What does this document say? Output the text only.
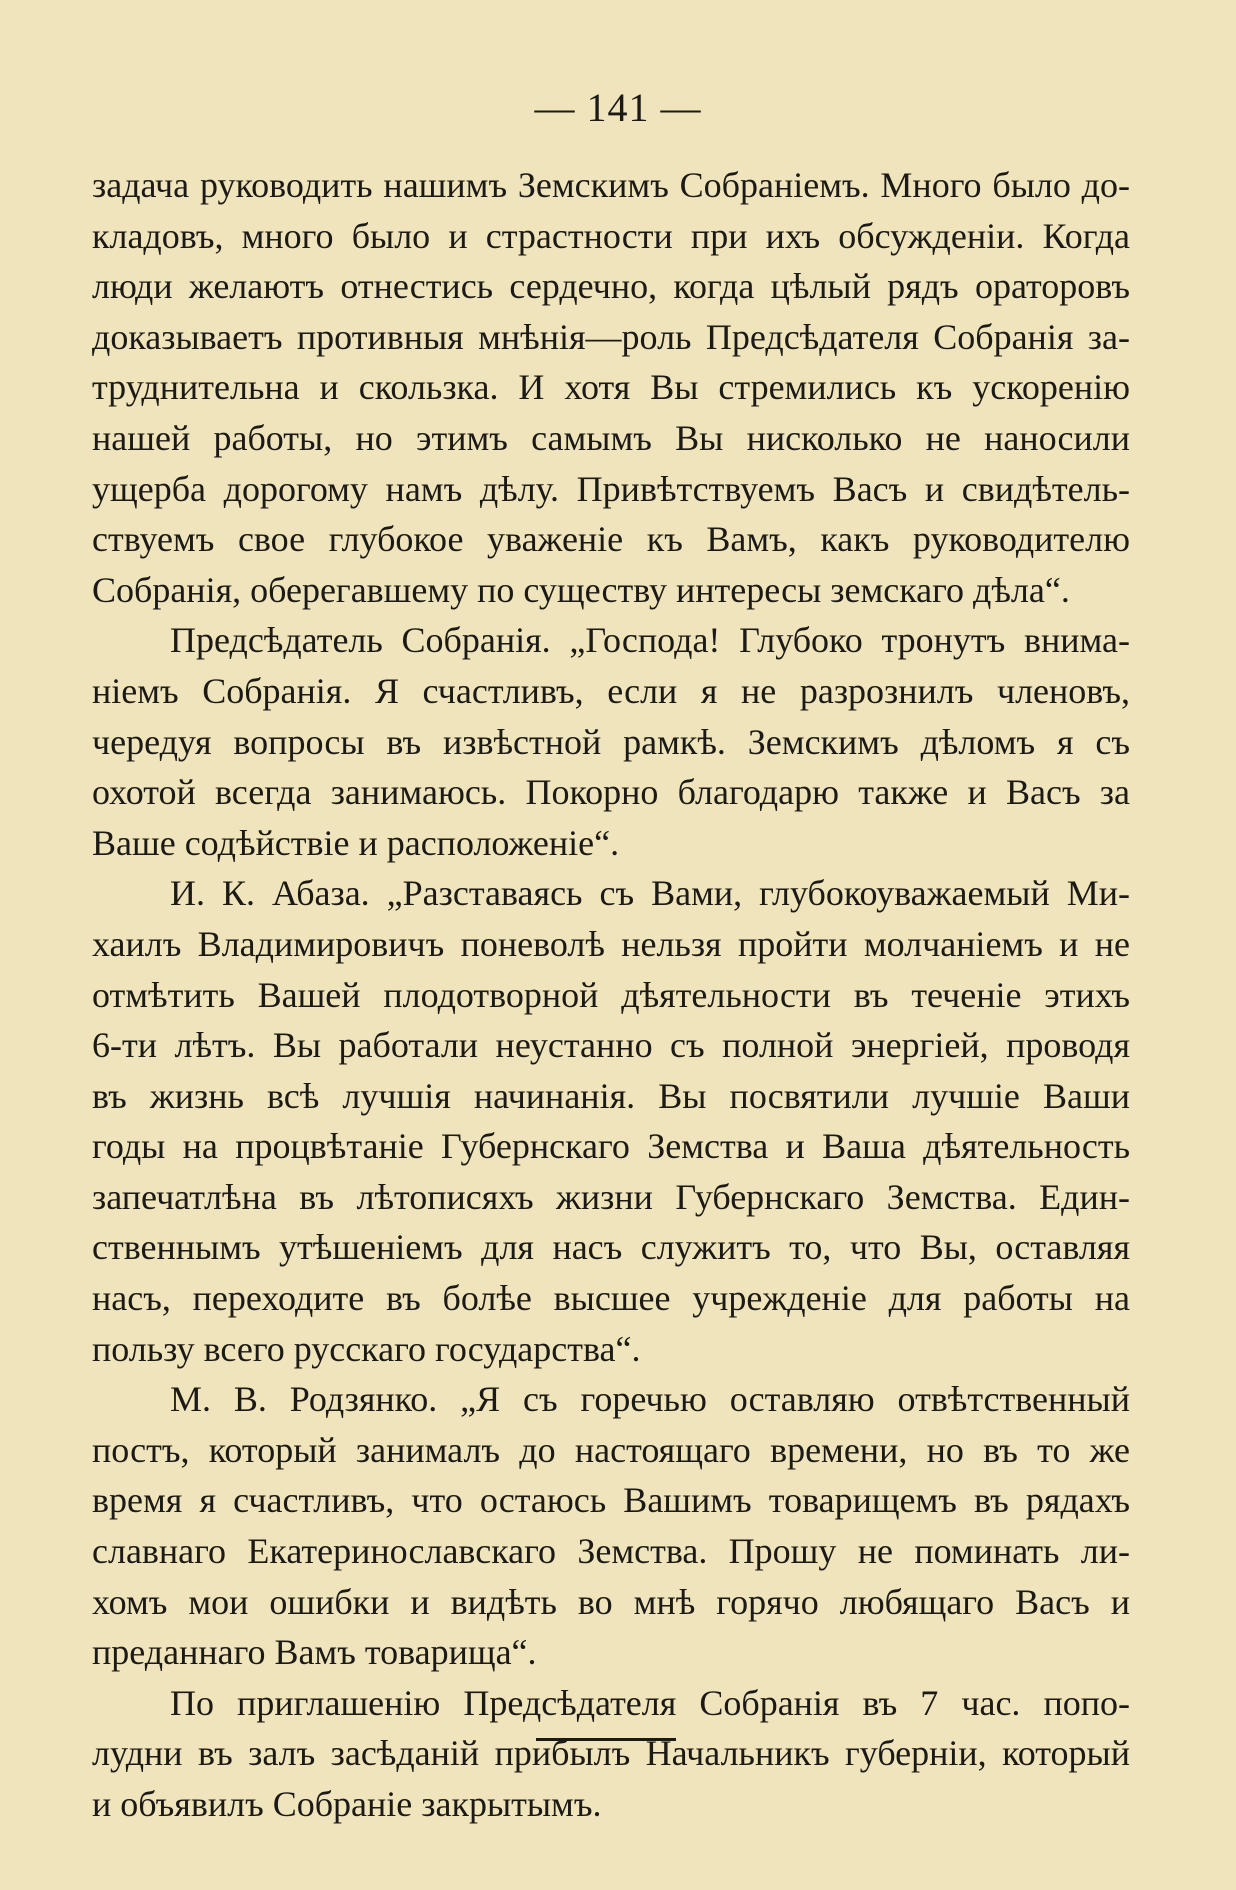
— 141 —
задача руководить нашимъ Земскимъ Собраніемъ. Много было до-
кладовъ, много было и страстности при ихъ обсужденіи. Когда
люди желаютъ отнестись сердечно, когда цѣлый рядъ ораторовъ
доказываетъ противныя мнѣнія—роль Предсѣдателя Собранія за-
труднительна и скользка. И хотя Вы стремились къ ускоренію
нашей работы, но этимъ самымъ Вы нисколько не наносили
ущерба дорогому намъ дѣлу. Привѣтствуемъ Васъ и свидѣтель-
ствуемъ свое глубокое уваженіе къ Вамъ, какъ руководителю
Собранія, оберегавшему по существу интересы земскаго дѣла“.
Предсѣдатель Собранія. „Господа! Глубоко тронутъ внима-
ніемъ Собранія. Я счастливъ, если я не разрознилъ членовъ,
чередуя вопросы въ извѣстной рамкѣ. Земскимъ дѣломъ я съ
охотой всегда занимаюсь. Покорно благодарю также и Васъ за
Ваше содѣйствіе и расположеніе“.
И. К. Абаза. „Разставаясь съ Вами, глубокоуважаемый Ми-
хаилъ Владимировичъ поневолѣ нельзя пройти молчаніемъ и не
отмѣтить Вашей плодотворной дѣятельности въ теченіе этихъ
6-ти лѣтъ. Вы работали неустанно съ полной энергіей, проводя
въ жизнь всѣ лучшія начинанія. Вы посвятили лучшіе Ваши
годы на процвѣтаніе Губернскаго Земства и Ваша дѣятельность
запечатлѣна въ лѣтописяхъ жизни Губернскаго Земства. Един-
ственнымъ утѣшеніемъ для насъ служитъ то, что Вы, оставляя
насъ, переходите въ болѣе высшее учрежденіе для работы на
пользу всего русскаго государства“.
М. В. Родзянко. „Я съ горечью оставляю отвѣтственный
постъ, который занималъ до настоящаго времени, но въ то же
время я счастливъ, что остаюсь Вашимъ товарищемъ въ рядахъ
славнаго Екатеринославскаго Земства. Прошу не поминать ли-
хомъ мои ошибки и видѣть во мнѣ горячо любящаго Васъ и
преданнаго Вамъ товарища“.
По приглашенію Предсѣдателя Собранія въ 7 час. попо-
лудни въ залъ засѣданій прибылъ Начальникъ губерніи, который
и объявилъ Собраніе закрытымъ.
